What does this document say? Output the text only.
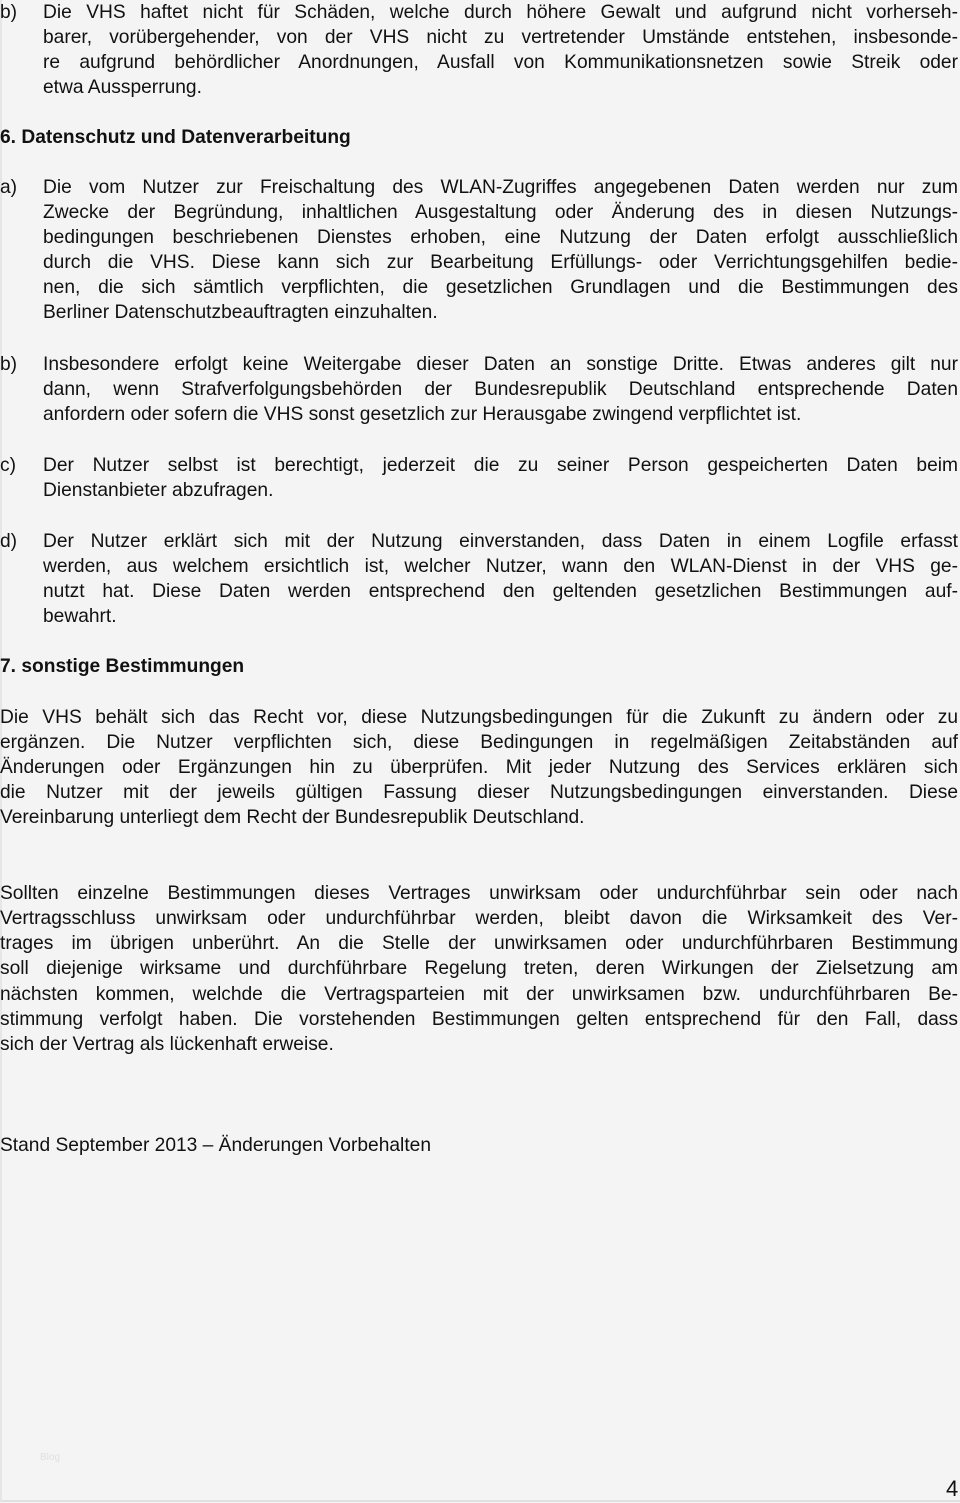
b) Die VHS haftet nicht für Schäden, welche durch höhere Gewalt und aufgrund nicht vorherseh-
barer, vorübergehender, von der VHS nicht zu vertretender Umstände entstehen, insbesonde-
re aufgrund behördlicher Anordnungen, Ausfall von Kommunikationsnetzen sowie Streik oder
etwa Aussperrung.
6. Datenschutz und Datenverarbeitung
a) Die vom Nutzer zur Freischaltung des WLAN-Zugriffes angegebenen Daten werden nur zum
Zwecke der Begründung, inhaltlichen Ausgestaltung oder Änderung des in diesen Nutzungs-
bedingungen beschriebenen Dienstes erhoben, eine Nutzung der Daten erfolgt ausschließlich
durch die VHS. Diese kann sich zur Bearbeitung Erfüllungs- oder Verrichtungsgehilfen bedie-
nen, die sich sämtlich verpflichten, die gesetzlichen Grundlagen und die Bestimmungen des
Berliner Datenschutzbeauftragten einzuhalten.
b) Insbesondere erfolgt keine Weitergabe dieser Daten an sonstige Dritte. Etwas anderes gilt nur
dann, wenn Strafverfolgungsbehörden der Bundesrepublik Deutschland entsprechende Daten
anfordern oder sofern die VHS sonst gesetzlich zur Herausgabe zwingend verpflichtet ist.
c) Der Nutzer selbst ist berechtigt, jederzeit die zu seiner Person gespeicherten Daten beim
Dienstanbieter abzufragen.
d) Der Nutzer erklärt sich mit der Nutzung einverstanden, dass Daten in einem Logfile erfasst
werden, aus welchem ersichtlich ist, welcher Nutzer, wann den WLAN-Dienst in der VHS ge-
nutzt hat. Diese Daten werden entsprechend den geltenden gesetzlichen Bestimmungen auf-
bewahrt.
7. sonstige Bestimmungen
Die VHS behält sich das Recht vor, diese Nutzungsbedingungen für die Zukunft zu ändern oder zu
ergänzen. Die Nutzer verpflichten sich, diese Bedingungen in regelmäßigen Zeitabständen auf
Änderungen oder Ergänzungen hin zu überprüfen. Mit jeder Nutzung des Services erklären sich
die Nutzer mit der jeweils gültigen Fassung dieser Nutzungsbedingungen einverstanden. Diese
Vereinbarung unterliegt dem Recht der Bundesrepublik Deutschland.
Sollten einzelne Bestimmungen dieses Vertrages unwirksam oder undurchführbar sein oder nach
Vertragsschluss unwirksam oder undurchführbar werden, bleibt davon die Wirksamkeit des Ver-
trages im übrigen unberührt. An die Stelle der unwirksamen oder undurchführbaren Bestimmung
soll diejenige wirksame und durchführbare Regelung treten, deren Wirkungen der Zielsetzung am
nächsten kommen, welchde die Vertragsparteien mit der unwirksamen bzw. undurchführbaren Be-
stimmung verfolgt haben. Die vorstehenden Bestimmungen gelten entsprechend für den Fall, dass
sich der Vertrag als lückenhaft erweise.
Stand September 2013 – Änderungen Vorbehalten
Blog
4
